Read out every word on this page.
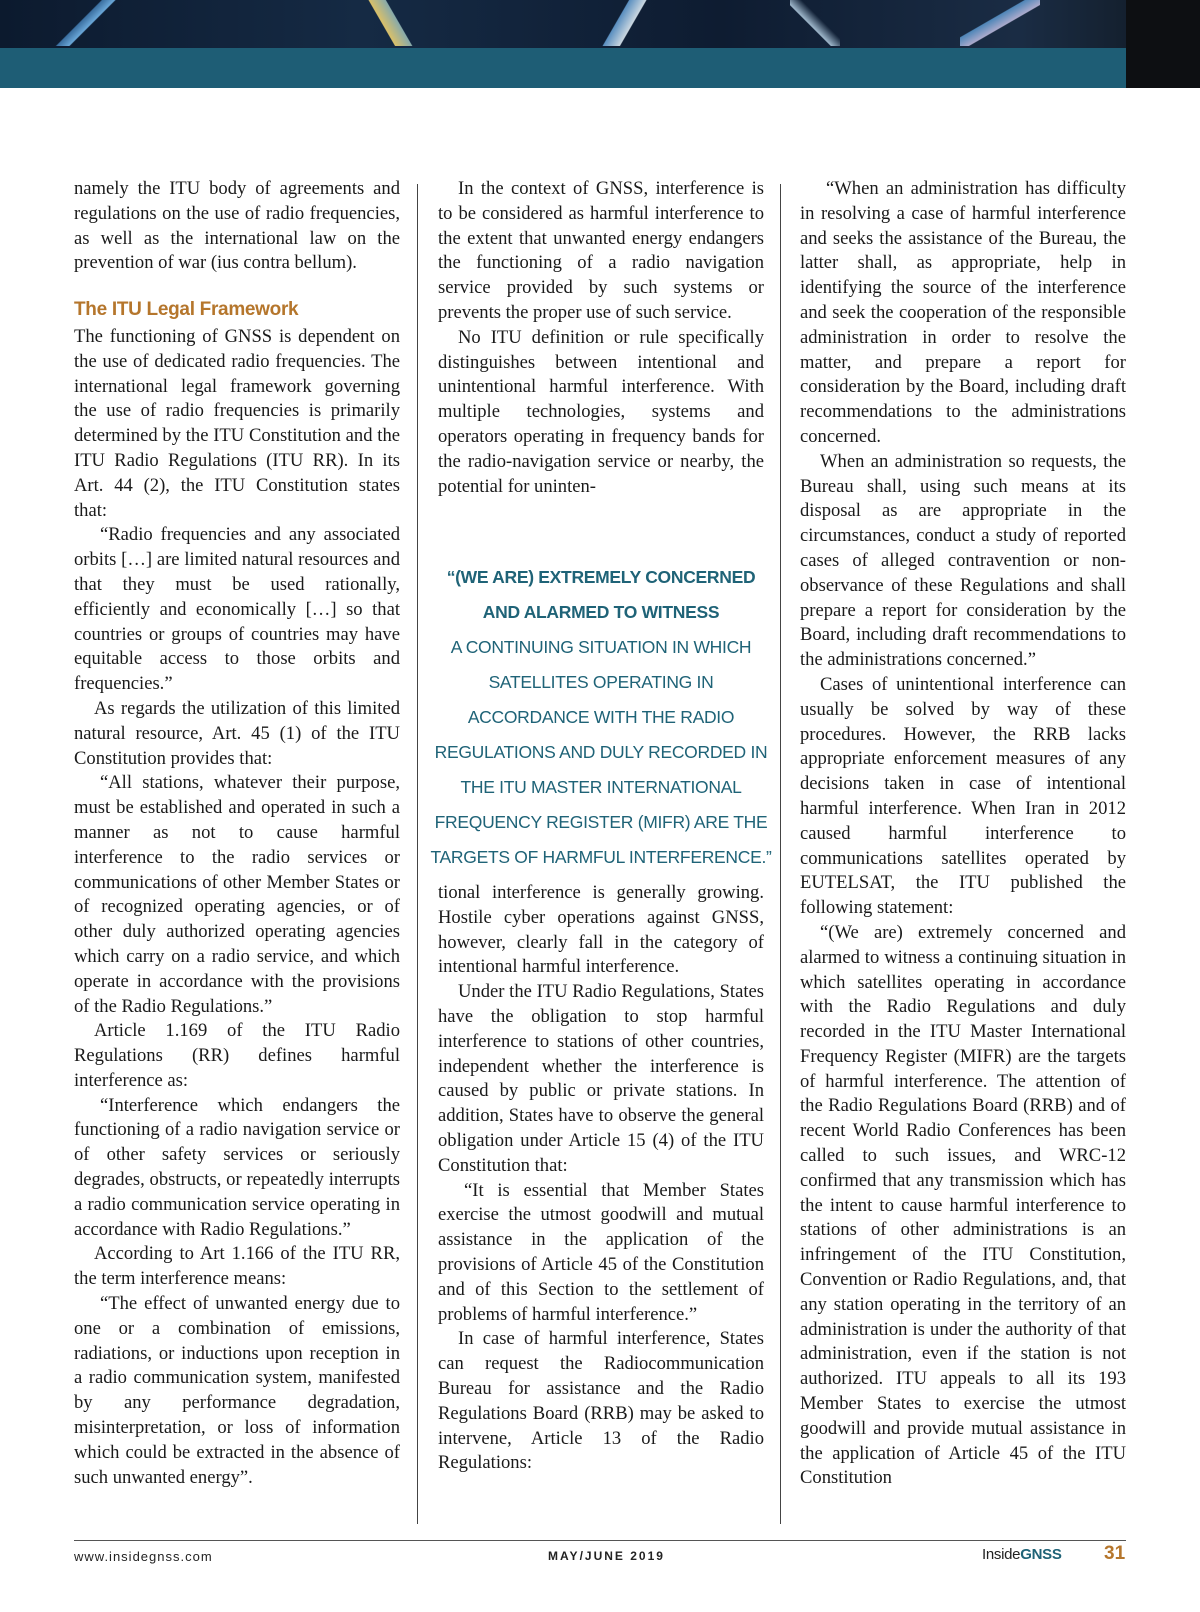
namely the ITU body of agreements and regulations on the use of radio frequencies, as well as the international law on the prevention of war (ius contra bellum).

The ITU Legal Framework

The functioning of GNSS is dependent on the use of dedicated radio frequencies. The international legal framework governing the use of radio frequencies is primarily determined by the ITU Constitution and the ITU Radio Regulations (ITU RR). In its Art. 44 (2), the ITU Constitution states that:

“Radio frequencies and any associated orbits […] are limited natural resources and that they must be used rationally, efficiently and economically […] so that countries or groups of countries may have equitable access to those orbits and frequencies.”

As regards the utilization of this limited natural resource, Art. 45 (1) of the ITU Constitution provides that:

“All stations, whatever their purpose, must be established and operated in such a manner as not to cause harmful interference to the radio services or communications of other Member States or of recognized operating agencies, or of other duly authorized operating agencies which carry on a radio service, and which operate in accordance with the provisions of the Radio Regulations.”

Article 1.169 of the ITU Radio Regulations (RR) defines harmful interference as:

“Interference which endangers the functioning of a radio navigation service or of other safety services or seriously degrades, obstructs, or repeatedly interrupts a radio communication service operating in accordance with Radio Regulations.”

According to Art 1.166 of the ITU RR, the term interference means:

“The effect of unwanted energy due to one or a combination of emissions, radiations, or inductions upon reception in a radio communication system, manifested by any performance degradation, misinterpretation, or loss of information which could be extracted in the absence of such unwanted energy”.

In the context of GNSS, interference is to be considered as harmful interference to the extent that unwanted energy endangers the functioning of a radio navigation service provided by such systems or prevents the proper use of such service.

No ITU definition or rule specifically distinguishes between intentional and unintentional harmful interference. With multiple technologies, systems and operators operating in frequency bands for the radio-navigation service or nearby, the potential for uninten-

“(WE ARE) EXTREMELY CONCERNED AND ALARMED TO WITNESS
A CONTINUING SITUATION IN WHICH SATELLITES OPERATING IN ACCORDANCE WITH THE RADIO REGULATIONS AND DULY RECORDED IN THE ITU MASTER INTERNATIONAL FREQUENCY REGISTER (MIFR) ARE THE TARGETS OF HARMFUL INTERFERENCE.”

tional interference is generally growing. Hostile cyber operations against GNSS, however, clearly fall in the category of intentional harmful interference.

Under the ITU Radio Regulations, States have the obligation to stop harmful interference to stations of other countries, independent whether the interference is caused by public or private stations. In addition, States have to observe the general obligation under Article 15 (4) of the ITU Constitution that:

“It is essential that Member States exercise the utmost goodwill and mutual assistance in the application of the provisions of Article 45 of the Constitution and of this Section to the settlement of problems of harmful interference.”

In case of harmful interference, States can request the Radiocommunication Bureau for assistance and the Radio Regulations Board (RRB) may be asked to intervene, Article 13 of the Radio Regulations:

“When an administration has difficulty in resolving a case of harmful interference and seeks the assistance of the Bureau, the latter shall, as appropriate, help in identifying the source of the interference and seek the cooperation of the responsible administration in order to resolve the matter, and prepare a report for consideration by the Board, including draft recommendations to the administrations concerned.

When an administration so requests, the Bureau shall, using such means at its disposal as are appropriate in the circumstances, conduct a study of reported cases of alleged contravention or non-observance of these Regulations and shall prepare a report for consideration by the Board, including draft recommendations to the administrations concerned.”

Cases of unintentional interference can usually be solved by way of these procedures. However, the RRB lacks appropriate enforcement measures of any decisions taken in case of intentional harmful interference. When Iran in 2012 caused harmful interference to communications satellites operated by EUTELSAT, the ITU published the following statement:

“(We are) extremely concerned and alarmed to witness a continuing situation in which satellites operating in accordance with the Radio Regulations and duly recorded in the ITU Master International Frequency Register (MIFR) are the targets of harmful interference. The attention of the Radio Regulations Board (RRB) and of recent World Radio Conferences has been called to such issues, and WRC-12 confirmed that any transmission which has the intent to cause harmful interference to stations of other administrations is an infringement of the ITU Constitution, Convention or Radio Regulations, and, that any station operating in the territory of an administration is under the authority of that administration, even if the station is not authorized. ITU appeals to all its 193 Member States to exercise the utmost goodwill and provide mutual assistance in the application of Article 45 of the ITU Constitution

www.insidegnss.com	MAY/JUNE 2019	InsideGNSS 31
